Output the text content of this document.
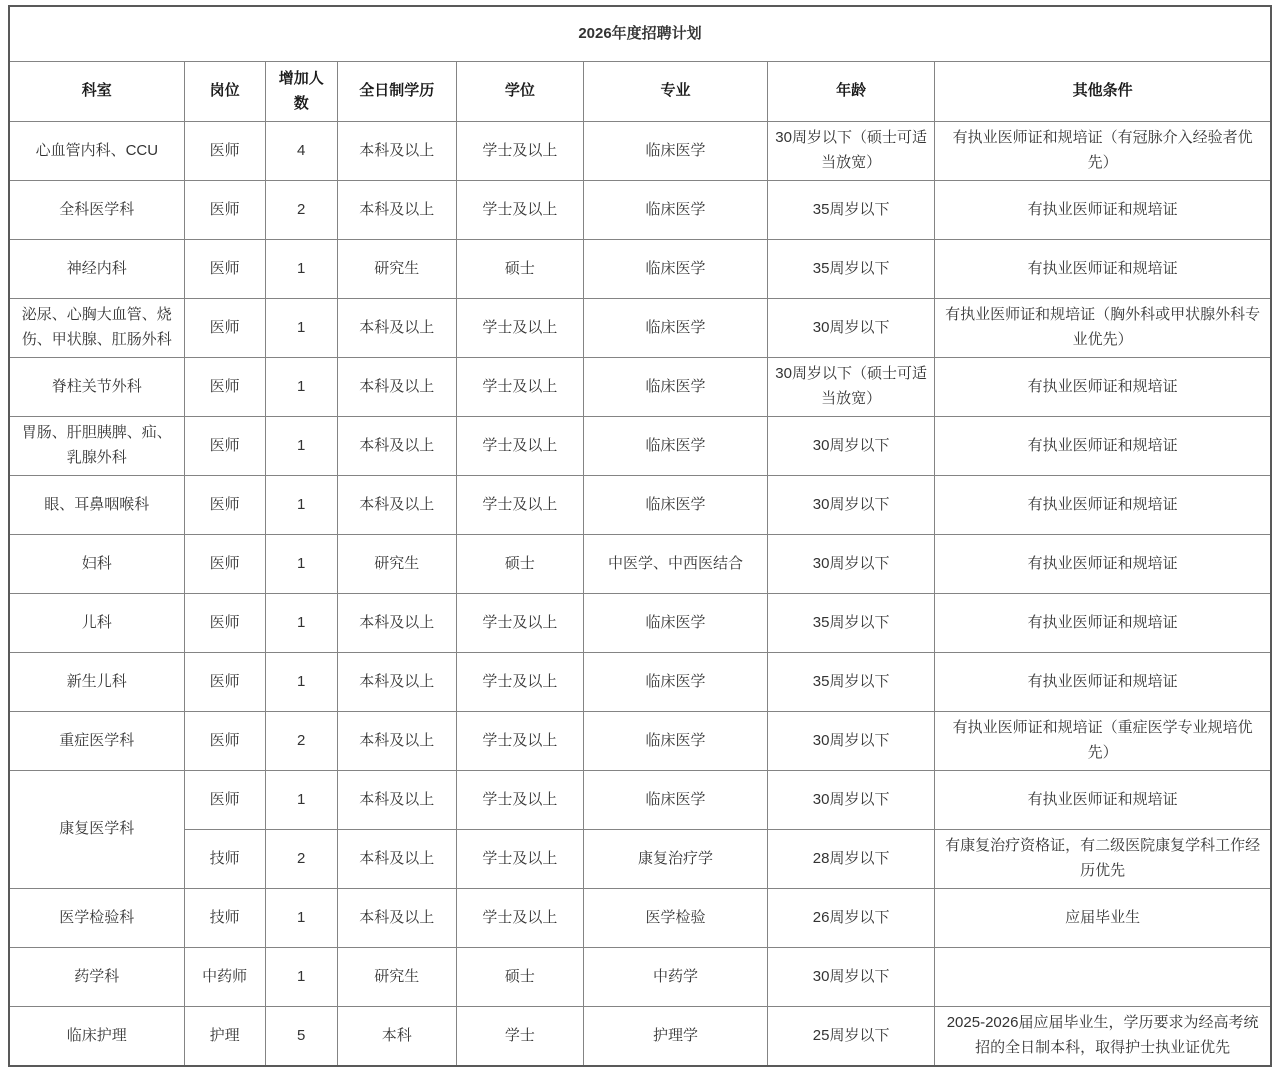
2026年度招聘计划							
科室	岗位	增加人数	全日制学历	学位	专业	年龄	其他条件
心血管内科、CCU	医师	4	本科及以上	学士及以上	临床医学	30周岁以下（硕士可适当放宽）	有执业医师证和规培证（有冠脉介入经验者优先）
全科医学科	医师	2	本科及以上	学士及以上	临床医学	35周岁以下	有执业医师证和规培证
神经内科	医师	1	研究生	硕士	临床医学	35周岁以下	有执业医师证和规培证
泌尿、心胸大血管、烧伤、甲状腺、肛肠外科	医师	1	本科及以上	学士及以上	临床医学	30周岁以下	有执业医师证和规培证（胸外科或甲状腺外科专业优先）
脊柱关节外科	医师	1	本科及以上	学士及以上	临床医学	30周岁以下（硕士可适当放宽）	有执业医师证和规培证
胃肠、肝胆胰脾、疝、乳腺外科	医师	1	本科及以上	学士及以上	临床医学	30周岁以下	有执业医师证和规培证
眼、耳鼻咽喉科	医师	1	本科及以上	学士及以上	临床医学	30周岁以下	有执业医师证和规培证
妇科	医师	1	研究生	硕士	中医学、中西医结合	30周岁以下	有执业医师证和规培证
儿科	医师	1	本科及以上	学士及以上	临床医学	35周岁以下	有执业医师证和规培证
新生儿科	医师	1	本科及以上	学士及以上	临床医学	35周岁以下	有执业医师证和规培证
重症医学科	医师	2	本科及以上	学士及以上	临床医学	30周岁以下	有执业医师证和规培证（重症医学专业规培优先）
康复医学科	医师	1	本科及以上	学士及以上	临床医学	30周岁以下	有执业医师证和规培证
	技师	2	本科及以上	学士及以上	康复治疗学	28周岁以下	有康复治疗资格证，有二级医院康复学科工作经历优先
医学检验科	技师	1	本科及以上	学士及以上	医学检验	26周岁以下	应届毕业生
药学科	中药师	1	研究生	硕士	中药学	30周岁以下	
临床护理	护理	5	本科	学士	护理学	25周岁以下	2025-2026届应届毕业生，学历要求为经高考统招的全日制本科，取得护士执业证优先
